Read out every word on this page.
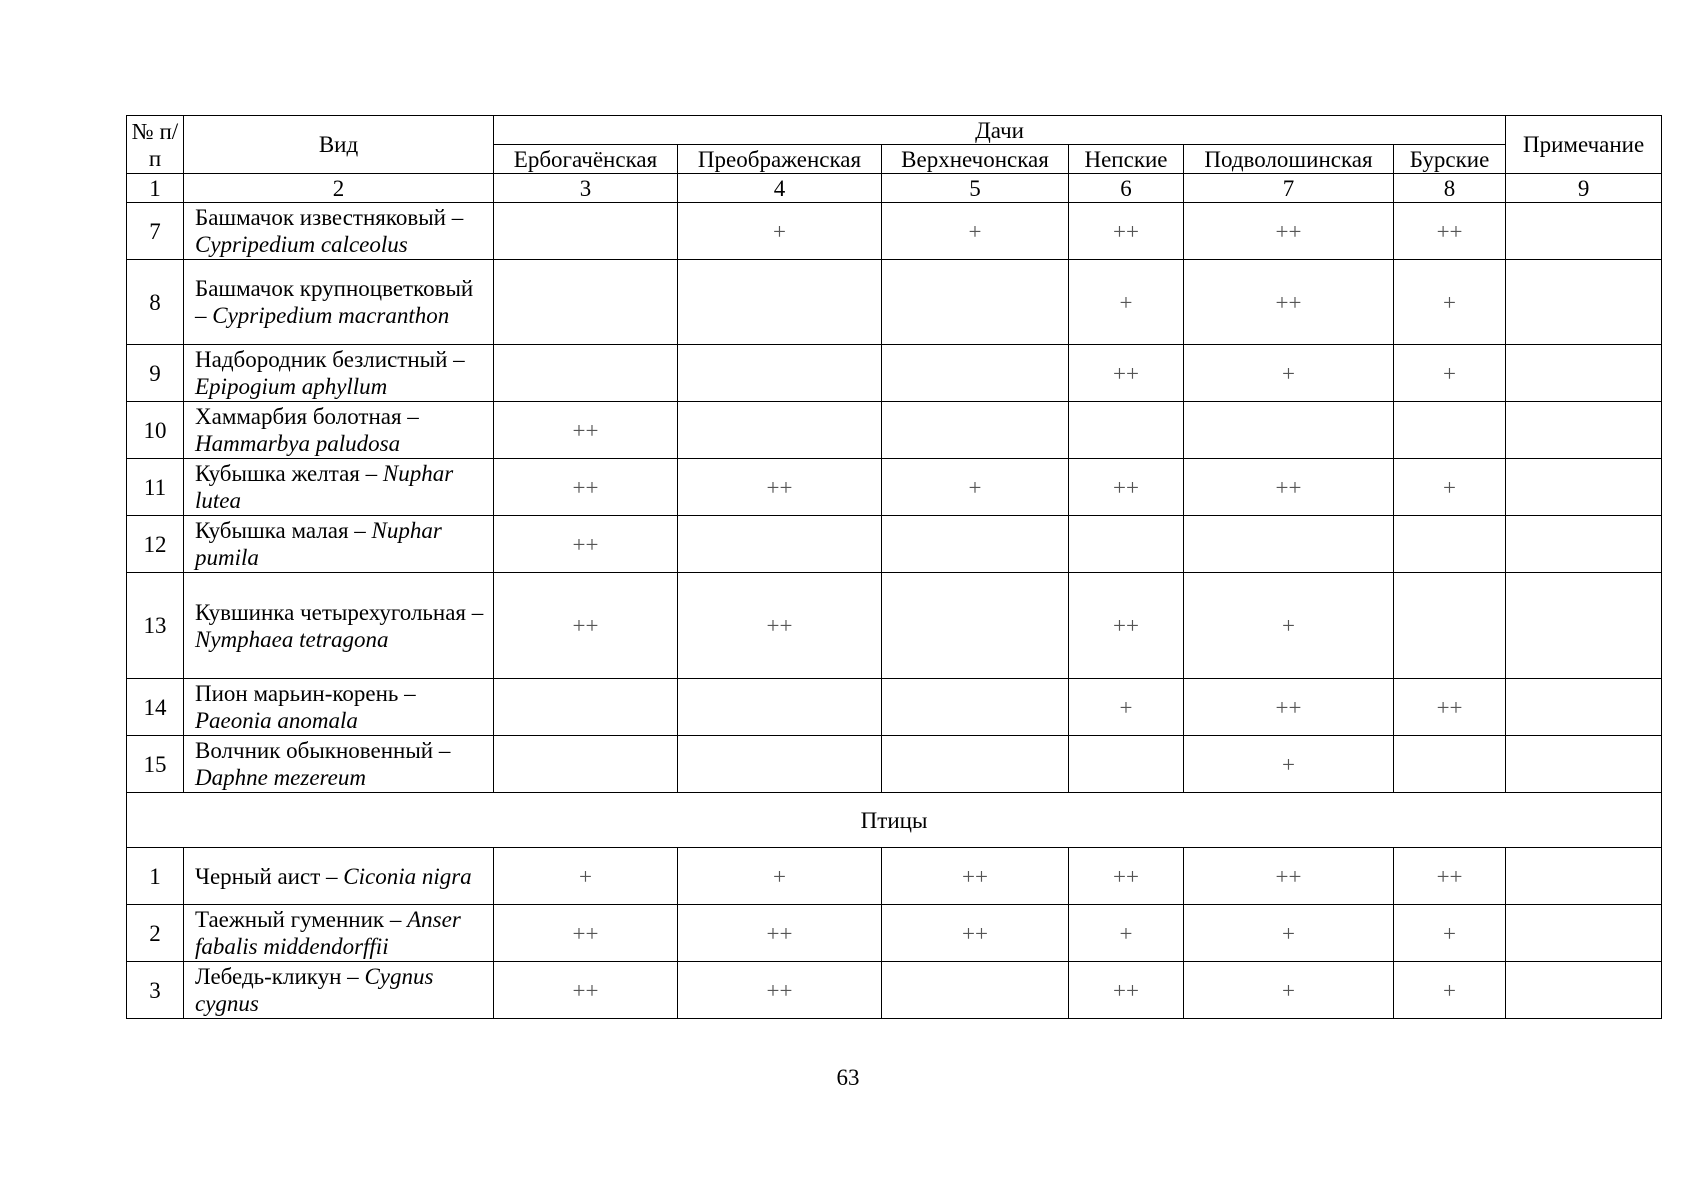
№ п/п	Вид	Дачи						Примечание
		Ербогачёнская	Преображенская	Верхнечонская	Непские	Подволошинская	Бурские	
1	2	3	4	5	6	7	8	9
7	Башмачок известняковый – Cypripedium calceolus		+	+	++	++	++	
8	Башмачок крупноцветковый – Cypripedium macranthon				+	++	+	
9	Надбородник безлистный – Epipogium aphyllum				++	+	+	
10	Хаммарбия болотная – Hammarbya paludosa	++						
11	Кубышка желтая – Nuphar lutea	++	++	+	++	++	+	
12	Кубышка малая – Nuphar pumila	++						
13	Кувшинка четырехугольная – Nymphaea tetragona	++	++		++	+		
14	Пион марьин-корень – Paeonia anomala				+	++	++	
15	Волчник обыкновенный – Daphne mezereum					+		
Птицы								
1	Черный аист – Ciconia nigra	+	+	++	++	++	++	
2	Таежный гуменник – Anser fabalis middendorffii	++	++	++	+	+	+	
3	Лебедь-кликун – Cygnus cygnus	++	++		++	+	+	
63
